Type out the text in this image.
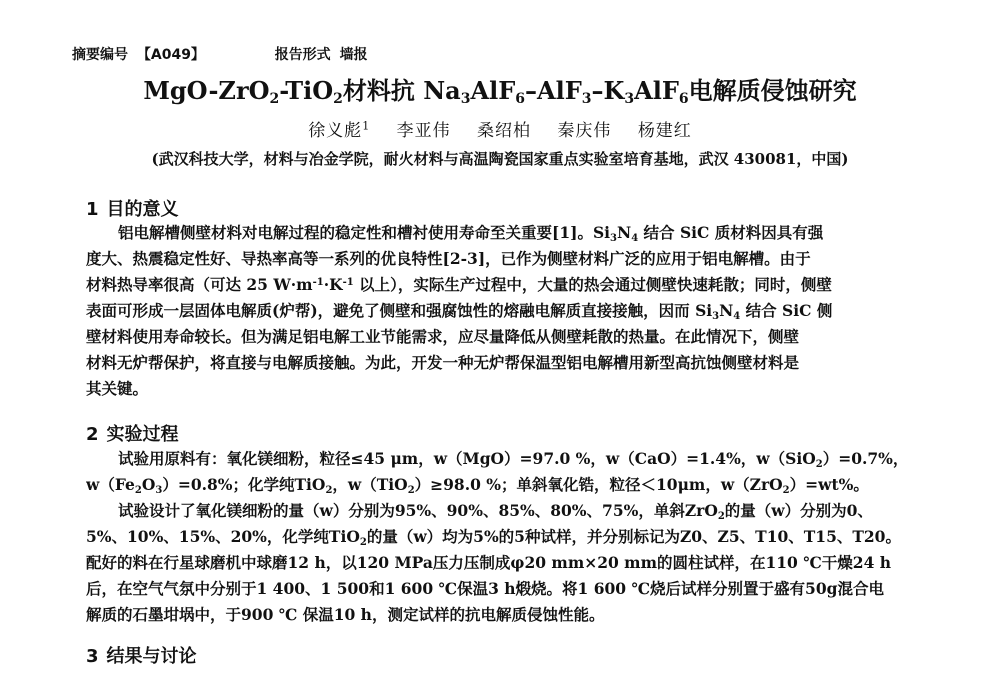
摘要编号 【A049】	报告形式 墙报
MgO-ZrO$_2$-TiO$_2$材料抗 $Na_3AlF_6-AlF_3-K_3AlF_6$电解质侵蚀研究
徐义彪$^1$ 李亚伟 桑绍柏 秦庆伟 杨建红
(武汉科技大学，材料与冶金学院，耐火材料与高温陶瓷国家重点实验室培育基地，武汉 430081，中国)
1 目的意义
铝电解槽侧壁材料对电解过程的稳定性和槽衬使用寿命至关重要[1]。$Si_3N_4$ 结合 SiC 质材料因具有强
度大、热震稳定性好、导热率高等一系列的优良特性[2-3]，已作为侧壁材料广泛的应用于铝电解槽。由于
材料热导率很高（可达 25 $W\cdot m^{-1}\cdot K^{-1}$ 以上），实际生产过程中，大量的热会通过侧壁快速耗散；同时，侧壁
表面可形成一层固体电解质(炉帮)，避免了侧壁和强腐蚀性的熔融电解质直接接触，因而 $Si_3N_4$ 结合 SiC 侧
壁材料使用寿命较长。但为满足铝电解工业节能需求，应尽量降低从侧壁耗散的热量。在此情况下，侧壁
材料无炉帮保护，将直接与电解质接触。为此，开发一种无炉帮保温型铝电解槽用新型高抗蚀侧壁材料是
其关键。
2 实验过程
试验用原料有：氧化镁细粉，粒径≤45 μm，w（MgO）=97.0 %，w（CaO）=1.4%，w（SiO$_2$）=0.7%，
$w(Fe_2O_3)=0.8\%$；化学纯TiO$_2$，w（TiO$_2$）≥98.0 %；单斜氧化锆，粒径＜10μm，w（ZrO$_2$）=wt%。
试验设计了氧化镁细粉的量（w）分别为95%、90%、85%、80%、75%，单斜ZrO$_2$的量（w）分别为0、
5%、10%、15%、20%，化学纯TiO$_2$的量（w）均为5%的5种试样，并分别标记为Z0、Z5、T10、T15、T20。
配好的料在行星球磨机中球磨12 h，以120 MPa压力压制成φ20 mm×20 mm的圆柱试样，在110 ℃干燥24 h
后，在空气气氛中分别于1 400、1 500和1 600 ℃保温3 h煅烧。将1 600 ℃烧后试样分别置于盛有50g混合电
解质的石墨坩埚中，于900 ℃ 保温10 h，测定试样的抗电解质侵蚀性能。
3 结果与讨论
